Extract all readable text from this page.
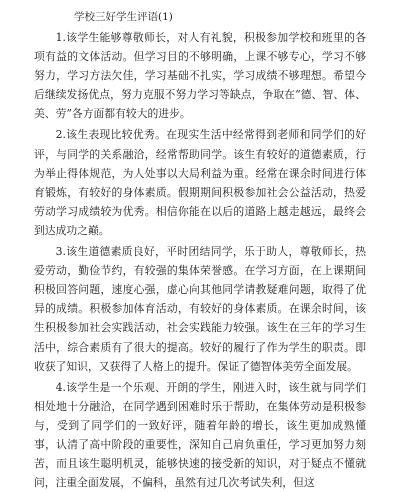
学校三好学生评语(1)

1.该学生能够尊敬师长，对人有礼貌，积极参加学校和班里的各项有益的文体活动。但学习目的不够明确，上课不够专心，学习不够努力，学习方法欠佳，学习基础不扎实，学习成绩不够理想。希望今后继续发扬优点，努力克服不努力学习等缺点，争取在“德、智、体、美、劳”各方面都有较大的进步。

2.该生表现比较优秀。在现实生活中经常得到老师和同学们的好评，与同学的关系融洽，经常帮助同学。该生有较好的道德素质，行为举止得体规范，为人处事以大局利益为重。经常在课余时间进行体育锻炼，有较好的身体素质。假期期间积极参加社会公益活动，热爱劳动学习成绩较为优秀。相信你能在以后的道路上越走越远，最终会到达成功之巅。

3.该生道德素质良好，平时团结同学，乐于助人，尊敬师长，热爱劳动，勤俭节约，有较强的集体荣誉感。在学习方面，在上课期间积极回答问题，速度心强，虚心向其他同学请教疑难问题，取得了优异的成绩。积极参加体育活动，有较好的身体素质。在课余时间，该生积极参加社会实践活动，社会实践能力较强。该生在三年的学习生活中，综合素质有了很大的提高。较好的履行了作为学生的职责。即收获了知识，又获得了人格上的提升。保证了德智体美劳全面发展。

4.该学生是一个乐观、开朗的学生，刚进入时，该生就与同学们相处地十分融洽，在同学遇到困难时乐于帮助，在集体劳动是积极参与，受到了同学们的一致好评，随着年龄的增长，该生更加成熟懂事，认清了高中阶段的重要性，深知自己肩负重任，学习更加努力刻苦，而且该生聪明机灵，能够快速的接受新的知识，对于疑点不懂就问，注重全面发展，不偏科，虽然有过几次考试失利，但这
